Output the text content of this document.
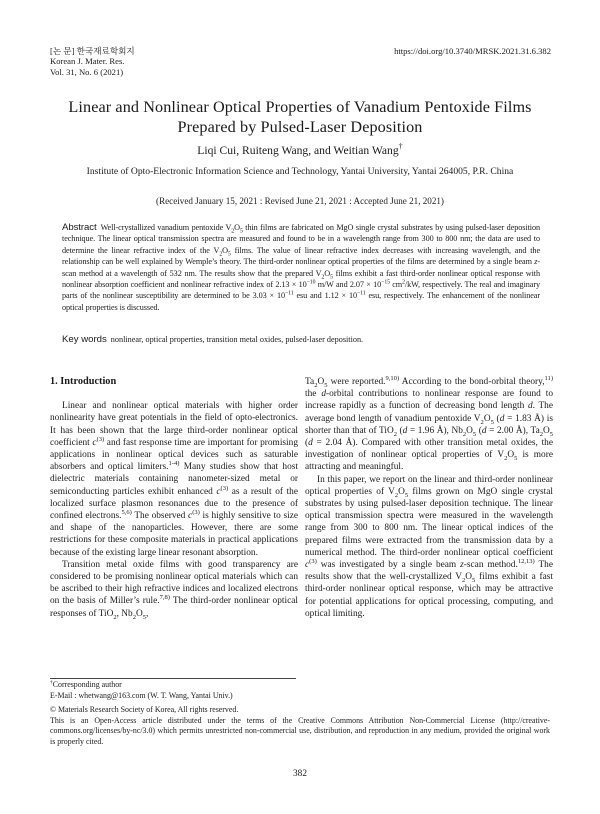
[논 문] 한국재료학회지
Korean J. Mater. Res.
Vol. 31, No. 6 (2021)
https://doi.org/10.3740/MRSK.2021.31.6.382
Linear and Nonlinear Optical Properties of Vanadium Pentoxide Films
Prepared by Pulsed-Laser Deposition
Liqi Cui, Ruiteng Wang, and Weitian Wang†
Institute of Opto-Electronic Information Science and Technology, Yantai University, Yantai 264005, P.R. China
(Received January 15, 2021 : Revised June 21, 2021 : Accepted June 21, 2021)
Abstract Well-crystallized vanadium pentoxide $V_2O_5$ thin films are fabricated on MgO single crystal substrates by using pulsed-laser deposition technique. The linear optical transmission spectra are measured and found to be in a wavelength range from 300 to 800 nm; the data are used to determine the linear refractive index of the $V_2O_5$ films. The value of linear refractive index decreases with increasing wavelength, and the relationship can be well explained by Wemple’s theory. The third-order nonlinear optical properties of the films are determined by a single beam z-scan method at a wavelength of 532 nm. The results show that the prepared $V_2O_5$ films exhibit a fast third-order nonlinear optical response with nonlinear absorption coefficient and nonlinear refractive index of $2.13 \times 10^{-10}$ m/W and $2.07 \times 10^{-15}$ $cm^2/kW$, respectively. The real and imaginary parts of the nonlinear susceptibility are determined to be $3.03 \times 10^{-11}$ esu and $1.12 \times 10^{-11}$ esu, respectively. The enhancement of the nonlinear optical properties is discussed.
Key words nonlinear, optical properties, transition metal oxides, pulsed-laser deposition.

1. Introduction

Linear and nonlinear optical materials with higher order nonlinearity have great potentials in the field of opto-electronics. It has been shown that the large third-order nonlinear optical coefficient $c^{(3)}$ and fast response time are important for promising applications in nonlinear optical devices such as saturable absorbers and optical limiters.$^{1-4)}$ Many studies show that host dielectric materials containing nanometer-sized metal or semiconducting particles exhibit enhanced $c^{(3)}$ as a result of the localized surface plasmon resonances due to the presence of confined electrons.$^{5,6)}$ The observed $c^{(3)}$ is highly sensitive to size and shape of the nanoparticles. However, there are some restrictions for these composite materials in practical applications because of the existing large linear resonant absorption.

Transition metal oxide films with good transparency are considered to be promising nonlinear optical materials which can be ascribed to their high refractive indices and localized electrons on the basis of Miller’s rule.$^{7,8)}$ The third-order nonlinear optical responses of TiO$_2$, $Nb_2O_5$,

$Ta_2O_5$ were reported.$^{9,10)}$ According to the bond-orbital theory,$^{11)}$ the d-orbital contributions to nonlinear response are found to increase rapidly as a function of decreasing bond length d. The average bond length of vanadium pentoxide $V_2O_5$ (d = 1.83 Å) is shorter than that of TiO$_2$ (d = 1.96 Å), $Nb_2O_5$ (d = 2.00 Å), $Ta_2O_5$ (d = 2.04 Å). Compared with other transition metal oxides, the investigation of nonlinear optical properties of $V_2O_5$ is more attracting and meaningful.

In this paper, we report on the linear and third-order nonlinear optical properties of $V_2O_5$ films grown on MgO single crystal substrates by using pulsed-laser deposition technique. The linear optical transmission spectra were measured in the wavelength range from 300 to 800 nm. The linear optical indices of the prepared films were extracted from the transmission data by a numerical method. The third-order nonlinear optical coefficient $c^{(3)}$ was investigated by a single beam z-scan method.$^{12,13)}$ The results show that the well-crystallized $V_2O_5$ films exhibit a fast third-order nonlinear optical response, which may be attractive for potential applications for optical processing, computing, and optical limiting.

†Corresponding author
E-Mail : whetwang@163.com (W. T. Wang, Yantai Univ.)
© Materials Research Society of Korea, All rights reserved.
This is an Open-Access article distributed under the terms of the Creative Commons Attribution Non-Commercial License (http://creative-commons.org/licenses/by-nc/3.0) which permits unrestricted non-commercial use, distribution, and reproduction in any medium, provided the original work is properly cited.
382
